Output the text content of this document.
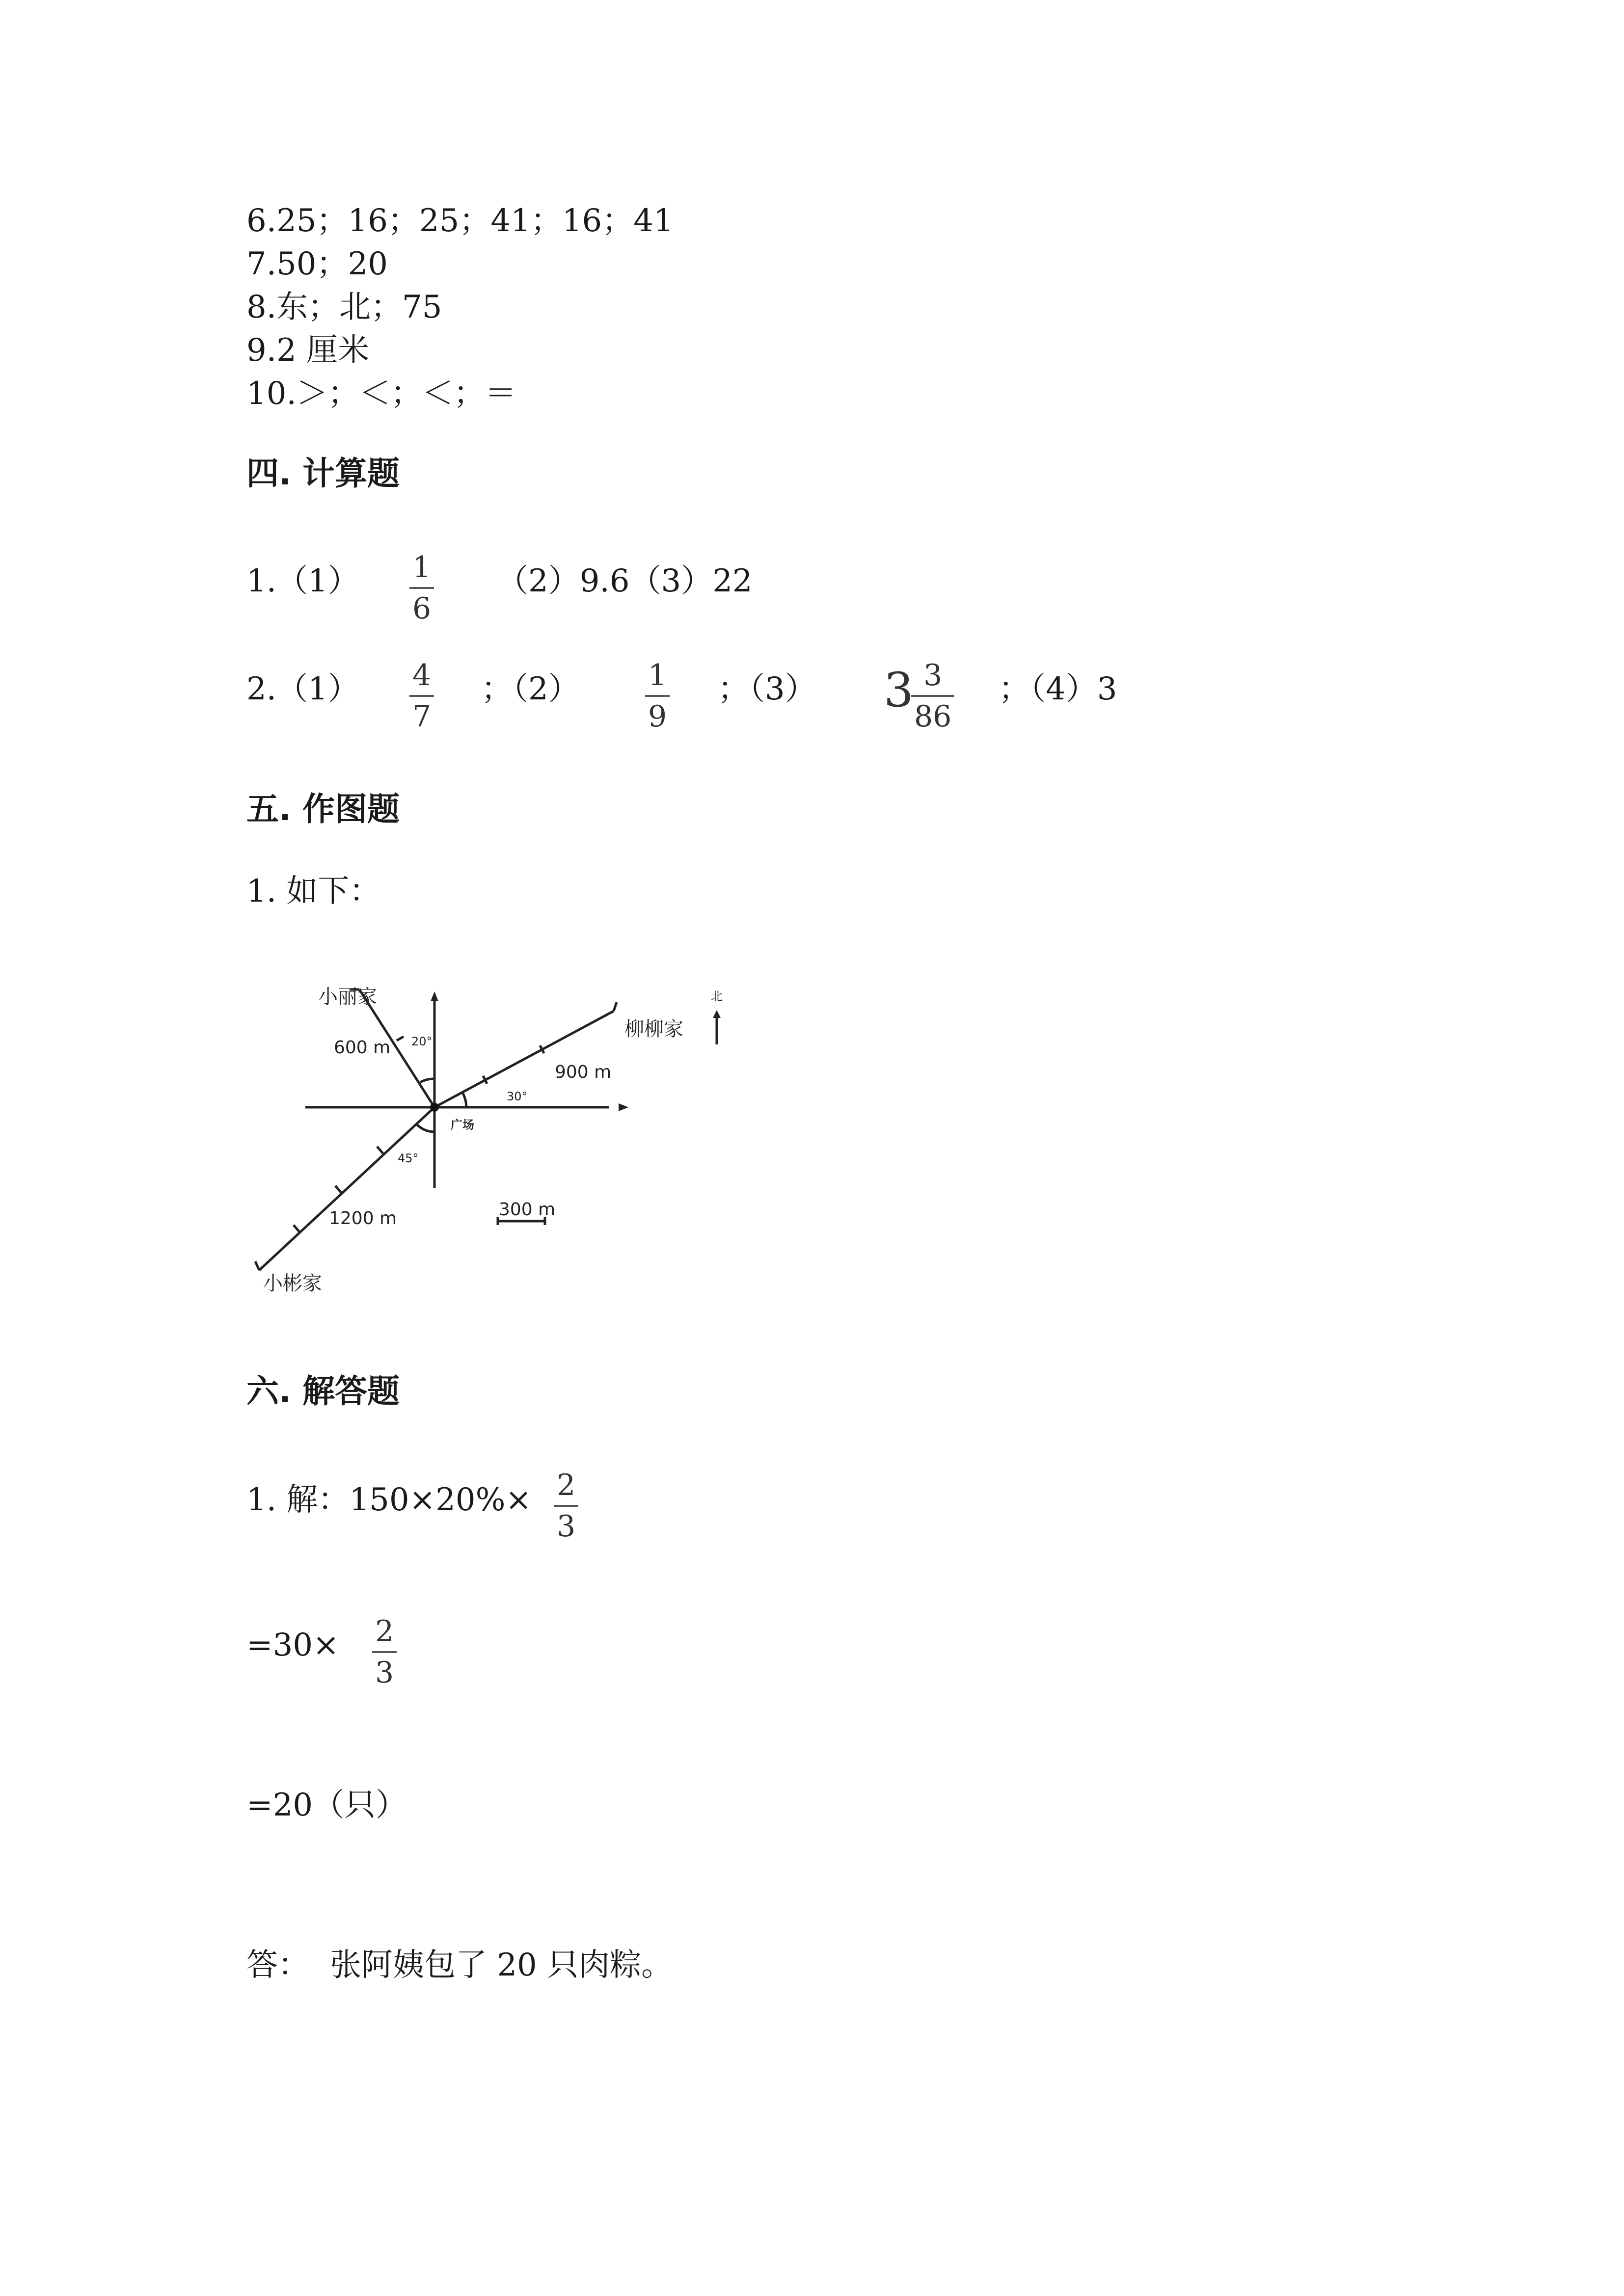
6.25；16；25；41；16；41
7.50；20
8.东；北；75
9.2 厘米
10.＞；＜；＜；＝
四. 计算题
1.（1） 1
6
（2）9.6（3）22
2.（1） 4
7
；（2） 1
9
；（3） 3 3
86
；（4）3
五. 作图题
1. 如下：
小丽家
柳柳家
小彬家
600 m
900 m
1200 m	300 m
20°
30°
45°
广场
北
六. 解答题
1. 解：150×20%× 2
3
=30× 2
3
=20（只）
答： 张阿姨包了 20 只肉粽。
